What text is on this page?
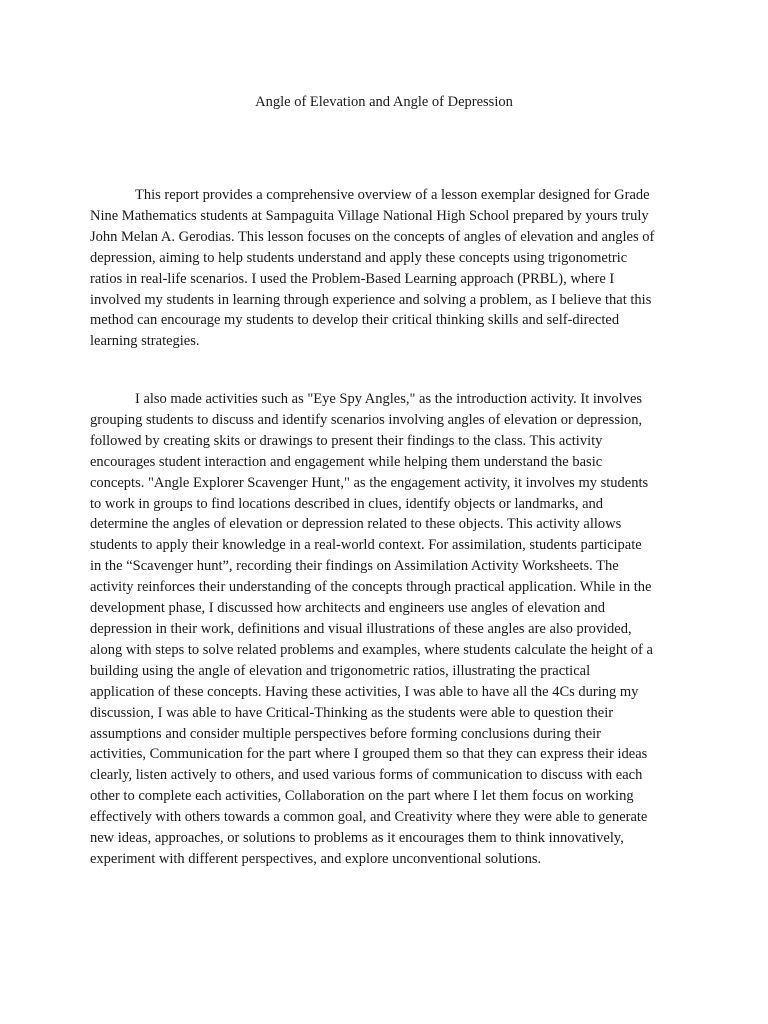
Angle of Elevation and Angle of Depression

This report provides a comprehensive overview of a lesson exemplar designed for Grade
Nine Mathematics students at Sampaguita Village National High School prepared by yours truly
John Melan A. Gerodias. This lesson focuses on the concepts of angles of elevation and angles of
depression, aiming to help students understand and apply these concepts using trigonometric
ratios in real-life scenarios. I used the Problem-Based Learning approach (PRBL), where I
involved my students in learning through experience and solving a problem, as I believe that this
method can encourage my students to develop their critical thinking skills and self-directed
learning strategies.

I also made activities such as "Eye Spy Angles," as the introduction activity. It involves
grouping students to discuss and identify scenarios involving angles of elevation or depression,
followed by creating skits or drawings to present their findings to the class. This activity
encourages student interaction and engagement while helping them understand the basic
concepts. "Angle Explorer Scavenger Hunt," as the engagement activity, it involves my students
to work in groups to find locations described in clues, identify objects or landmarks, and
determine the angles of elevation or depression related to these objects. This activity allows
students to apply their knowledge in a real-world context. For assimilation, students participate
in the “Scavenger hunt”, recording their findings on Assimilation Activity Worksheets. The
activity reinforces their understanding of the concepts through practical application. While in the
development phase, I discussed how architects and engineers use angles of elevation and
depression in their work, definitions and visual illustrations of these angles are also provided,
along with steps to solve related problems and examples, where students calculate the height of a
building using the angle of elevation and trigonometric ratios, illustrating the practical
application of these concepts. Having these activities, I was able to have all the 4Cs during my
discussion, I was able to have Critical-Thinking as the students were able to question their
assumptions and consider multiple perspectives before forming conclusions during their
activities, Communication for the part where I grouped them so that they can express their ideas
clearly, listen actively to others, and used various forms of communication to discuss with each
other to complete each activities, Collaboration on the part where I let them focus on working
effectively with others towards a common goal, and Creativity where they were able to generate
new ideas, approaches, or solutions to problems as it encourages them to think innovatively,
experiment with different perspectives, and explore unconventional solutions.
